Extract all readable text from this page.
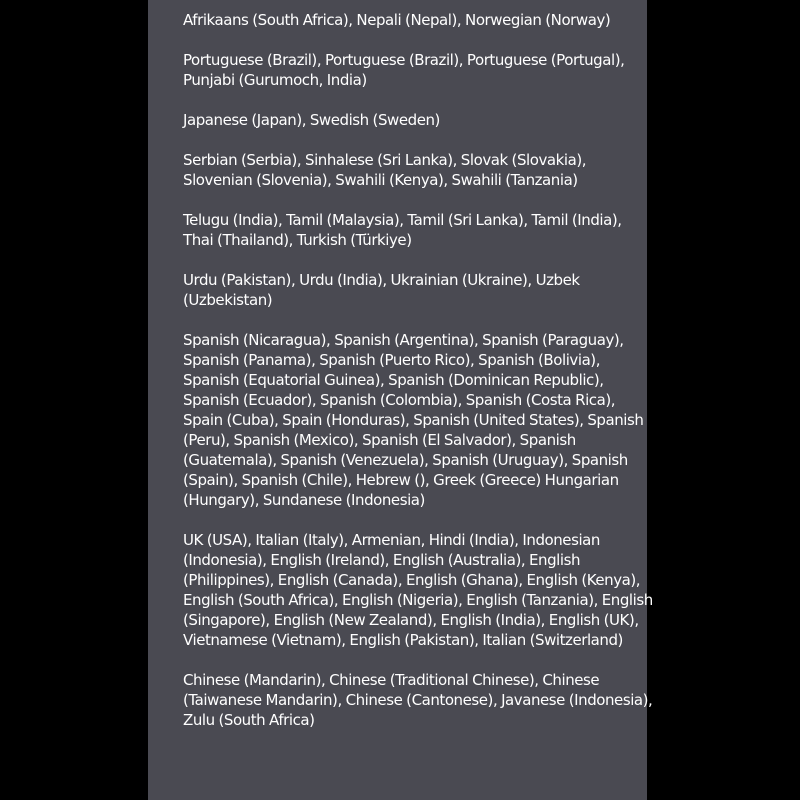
Afrikaans (South Africa), Nepali (Nepal), Norwegian (Norway)

Portuguese (Brazil), Portuguese (Brazil), Portuguese (Portugal), Punjabi (Gurumoch, India)

Japanese (Japan), Swedish (Sweden)

Serbian (Serbia), Sinhalese (Sri Lanka), Slovak (Slovakia), Slovenian (Slovenia), Swahili (Kenya), Swahili (Tanzania)

Telugu (India), Tamil (Malaysia), Tamil (Sri Lanka), Tamil (India), Thai (Thailand), Turkish (Türkiye)

Urdu (Pakistan), Urdu (India), Ukrainian (Ukraine), Uzbek (Uzbekistan)

Spanish (Nicaragua), Spanish (Argentina), Spanish (Paraguay), Spanish (Panama), Spanish (Puerto Rico), Spanish (Bolivia), Spanish (Equatorial Guinea), Spanish (Dominican Republic), Spanish (Ecuador), Spanish (Colombia), Spanish (Costa Rica), Spain (Cuba), Spain (Honduras), Spanish (United States), Spanish (Peru), Spanish (Mexico), Spanish (El Salvador), Spanish (Guatemala), Spanish (Venezuela), Spanish (Uruguay), Spanish (Spain), Spanish (Chile), Hebrew (), Greek (Greece) Hungarian (Hungary), Sundanese (Indonesia)

UK (USA), Italian (Italy), Armenian, Hindi (India), Indonesian (Indonesia), English (Ireland), English (Australia), English (Philippines), English (Canada), English (Ghana), English (Kenya), English (South Africa), English (Nigeria), English (Tanzania), English (Singapore), English (New Zealand), English (India), English (UK), Vietnamese (Vietnam), English (Pakistan), Italian (Switzerland)

Chinese (Mandarin), Chinese (Traditional Chinese), Chinese (Taiwanese Mandarin), Chinese (Cantonese), Javanese (Indonesia), Zulu (South Africa)
